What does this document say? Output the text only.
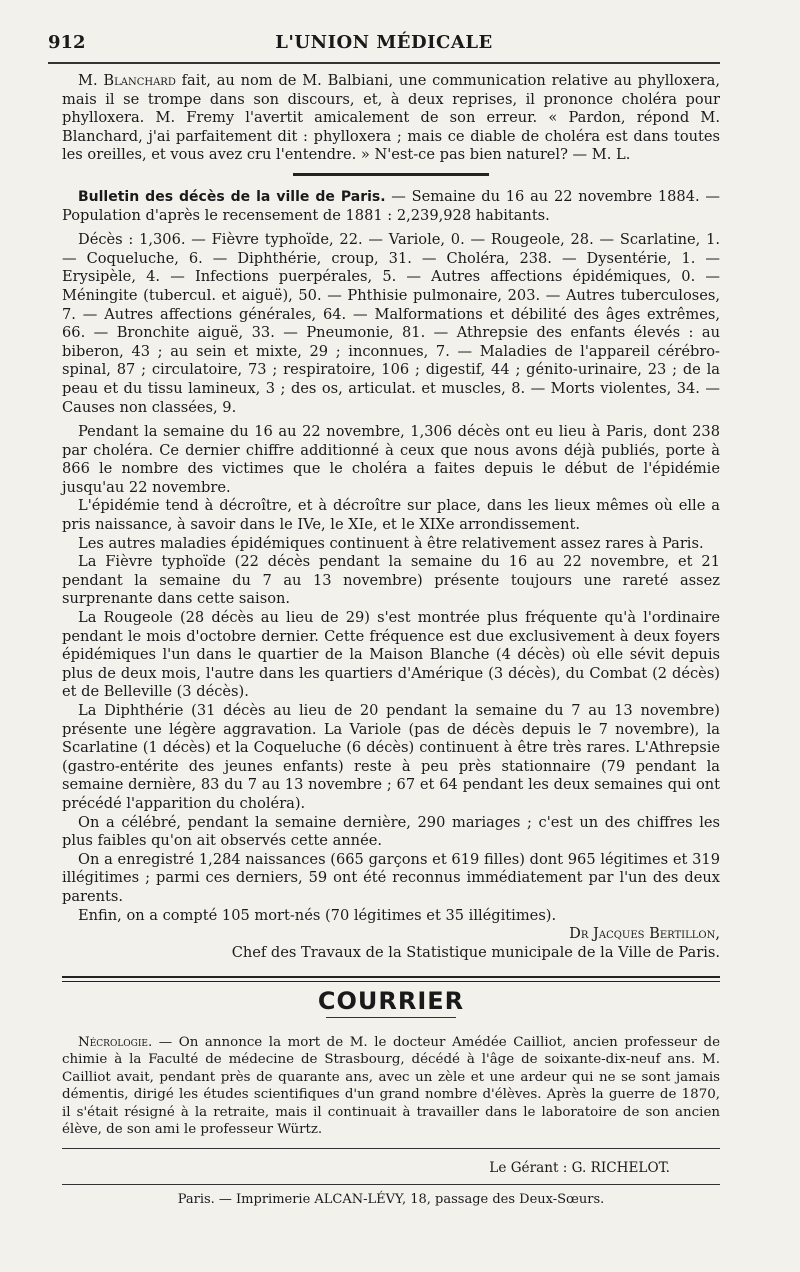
912	L'UNION MÉDICALE

M. Blanchard fait, au nom de M. Balbiani, une communication relative au phylloxera, mais il se trompe dans son discours, et, à deux reprises, il prononce choléra pour phylloxera. M. Fremy l'avertit amicalement de son erreur. « Pardon, répond M. Blanchard, j'ai parfaitement dit : phylloxera ; mais ce diable de choléra est dans toutes les oreilles, et vous avez cru l'entendre. » N'est-ce pas bien naturel? — M. L.

Bulletin des décès de la ville de Paris. — Semaine du 16 au 22 novembre 1884. — Population d'après le recensement de 1881 : 2,239,928 habitants.

Décès : 1,306. — Fièvre typhoïde, 22. — Variole, 0. — Rougeole, 28. — Scarlatine, 1. — Coqueluche, 6. — Diphthérie, croup, 31. — Choléra, 238. — Dysentérie, 1. — Erysipèle, 4. — Infections puerpérales, 5. — Autres affections épidémiques, 0. — Méningite (tubercul. et aiguë), 50. — Phthisie pulmonaire, 203. — Autres tuberculoses, 7. — Autres affections générales, 64. — Malformations et débilité des âges extrêmes, 66. — Bronchite aiguë, 33. — Pneumonie, 81. — Athrepsie des enfants élevés : au biberon, 43 ; au sein et mixte, 29 ; inconnues, 7. — Maladies de l'appareil cérébro-spinal, 87 ; circulatoire, 73 ; respiratoire, 106 ; digestif, 44 ; génito-urinaire, 23 ; de la peau et du tissu lamineux, 3 ; des os, articulat. et muscles, 8. — Morts violentes, 34. — Causes non classées, 9.

Pendant la semaine du 16 au 22 novembre, 1,306 décès ont eu lieu à Paris, dont 238 par choléra. Ce dernier chiffre additionné à ceux que nous avons déjà publiés, porte à 866 le nombre des victimes que le choléra a faites depuis le début de l'épidémie jusqu'au 22 novembre.

L'épidémie tend à décroître, et à décroître sur place, dans les lieux mêmes où elle a pris naissance, à savoir dans le IVe, le XIe, et le XIXe arrondissement.

Les autres maladies épidémiques continuent à être relativement assez rares à Paris.

La Fièvre typhoïde (22 décès pendant la semaine du 16 au 22 novembre, et 21 pendant la semaine du 7 au 13 novembre) présente toujours une rareté assez surprenante dans cette saison.

La Rougeole (28 décès au lieu de 29) s'est montrée plus fréquente qu'à l'ordinaire pendant le mois d'octobre dernier. Cette fréquence est due exclusivement à deux foyers épidémiques l'un dans le quartier de la Maison Blanche (4 décès) où elle sévit depuis plus de deux mois, l'autre dans les quartiers d'Amérique (3 décès), du Combat (2 décès) et de Belleville (3 décès).

La Diphthérie (31 décès au lieu de 20 pendant la semaine du 7 au 13 novembre) présente une légère aggravation. La Variole (pas de décès depuis le 7 novembre), la Scarlatine (1 décès) et la Coqueluche (6 décès) continuent à être très rares. L'Athrepsie (gastro-entérite des jeunes enfants) reste à peu près stationnaire (79 pendant la semaine dernière, 83 du 7 au 13 novembre ; 67 et 64 pendant les deux semaines qui ont précédé l'apparition du choléra).

On a célébré, pendant la semaine dernière, 290 mariages ; c'est un des chiffres les plus faibles qu'on ait observés cette année.

On a enregistré 1,284 naissances (665 garçons et 619 filles) dont 965 légitimes et 319 illégitimes ; parmi ces derniers, 59 ont été reconnus immédiatement par l'un des deux parents.

Enfin, on a compté 105 mort-nés (70 légitimes et 35 illégitimes).

Dr Jacques Bertillon,

Chef des Travaux de la Statistique municipale de la Ville de Paris.

COURRIER

Nécrologie. — On annonce la mort de M. le docteur Amédée Cailliot, ancien professeur de chimie à la Faculté de médecine de Strasbourg, décédé à l'âge de soixante-dix-neuf ans. M. Cailliot avait, pendant près de quarante ans, avec un zèle et une ardeur qui ne se sont jamais démentis, dirigé les études scientifiques d'un grand nombre d'élèves. Après la guerre de 1870, il s'était résigné à la retraite, mais il continuait à travailler dans le laboratoire de son ancien élève, de son ami le professeur Würtz.

Le Gérant : G. RICHELOT.
Paris. — Imprimerie ALCAN-LÉVY, 18, passage des Deux-Sœurs.
